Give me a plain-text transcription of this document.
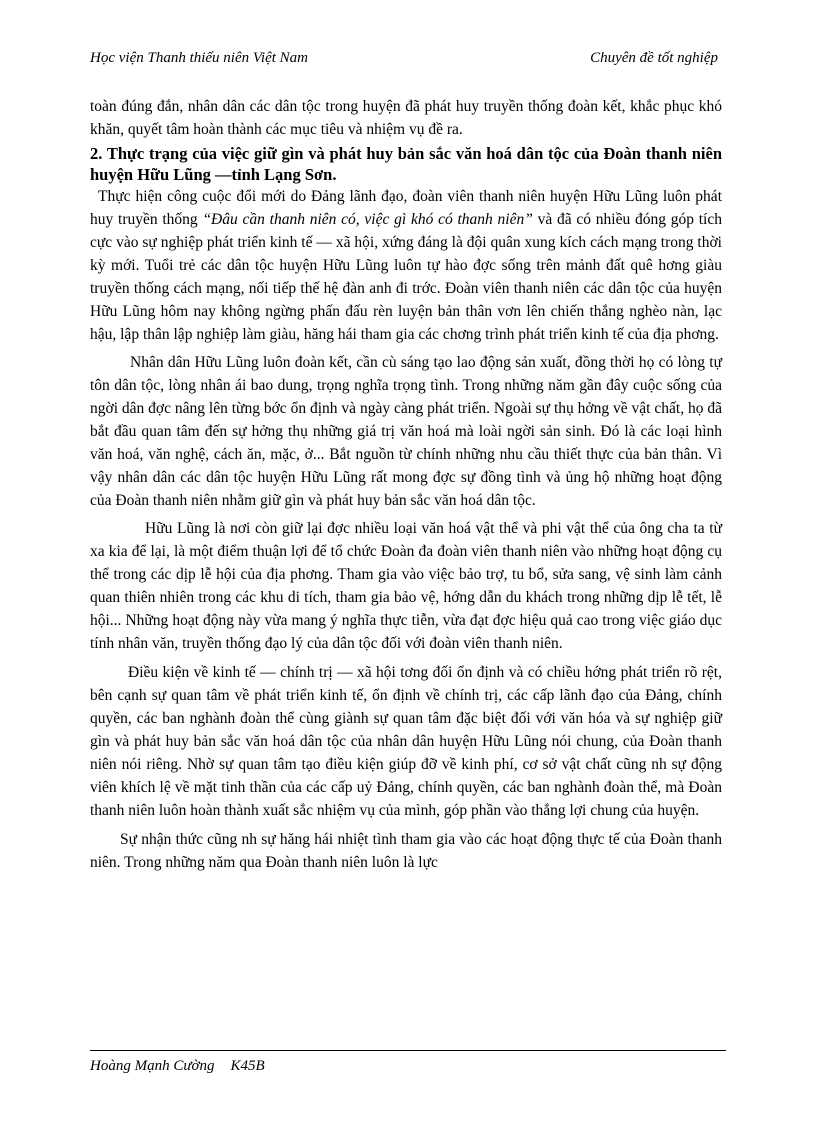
Học viện Thanh thiếu niên Việt Nam	Chuyên đề tốt nghiệp

toàn đúng đắn, nhân dân các dân tộc trong huyện đã phát huy truyền thống đoàn kết, khắc phục khó khăn, quyết tâm hoàn thành các mục tiêu và nhiệm vụ đề ra.

2. Thực trạng của việc giữ gìn và phát huy bản sắc văn hoá dân tộc của Đoàn thanh niên huyện Hữu Lũng —tỉnh Lạng Sơn.

Thực hiện công cuộc đổi mới do Đảng lãnh đạo, đoàn viên thanh niên huyện Hữu Lũng luôn phát huy truyền thống “Đâu cần thanh niên có, việc gì khó có thanh niên” và đã có nhiều đóng góp tích cực vào sự nghiệp phát triển kinh tế — xã hội, xứng đáng là đội quân xung kích cách mạng trong thời kỳ mới. Tuổi trẻ các dân tộc huyện Hữu Lũng luôn tự hào đợc sống trên mảnh đất quê hơng giàu truyền thống cách mạng, nối tiếp thế hệ đàn anh đi trớc. Đoàn viên thanh niên các dân tộc của huyện Hữu Lũng hôm nay không ngừng phấn đấu rèn luyện bản thân vơn lên chiến thắng nghèo nàn, lạc hậu, lập thân lập nghiệp làm giàu, hăng hái tham gia các chơng trình phát triển kinh tế của địa phơng.

Nhân dân Hữu Lũng luôn đoàn kết, cần cù sáng tạo lao động sản xuất, đồng thời họ có lòng tự tôn dân tộc, lòng nhân ái bao dung, trọng nghĩa trọng tình. Trong những năm gần đây cuộc sống của ngời dân đợc nâng lên từng bớc ổn định và ngày càng phát triển. Ngoài sự thụ hởng về vật chất, họ đã bắt đầu quan tâm đến sự hởng thụ những giá trị văn hoá mà loài ngời sản sinh. Đó là các loại hình văn hoá, văn nghệ, cách ăn, mặc, ở... Bắt nguồn từ chính những nhu cầu thiết thực của bản thân. Vì vậy nhân dân các dân tộc huyện Hữu Lũng rất mong đợc sự đồng tình và ủng hộ những hoạt động của Đoàn thanh niên nhằm giữ gìn và phát huy bản sắc văn hoá dân tộc.

Hữu Lũng là nơi còn giữ lại đợc nhiều loại văn hoá vật thể và phi vật thể của ông cha ta từ xa kia để lại, là một điểm thuận lợi để tổ chức Đoàn đa đoàn viên thanh niên vào những hoạt động cụ thể trong các dịp lễ hội của địa phơng. Tham gia vào việc bảo trợ, tu bổ, sửa sang, vệ sinh làm cảnh quan thiên nhiên trong các khu di tích, tham gia bảo vệ, hớng dẫn du khách trong những dịp lễ tết, lễ hội... Những hoạt động này vừa mang ý nghĩa thực tiễn, vừa đạt đợc hiệu quả cao trong việc giáo dục tính nhân văn, truyền thống đạo lý của dân tộc đối với đoàn viên thanh niên.

Điều kiện về kinh tế — chính trị — xã hội tơng đối ổn định và có chiều hớng phát triển rõ rệt, bên cạnh sự quan tâm về phát triển kinh tế, ổn định về chính trị, các cấp lãnh đạo của Đảng, chính quyền, các ban nghành đoàn thể cùng giành sự quan tâm đặc biệt đối với văn hóa và sự nghiệp giữ gìn và phát huy bản sắc văn hoá dân tộc của nhân dân huyện Hữu Lũng nói chung, của Đoàn thanh niên nói riêng. Nhờ sự quan tâm tạo điều kiện giúp đỡ về kinh phí, cơ sở vật chất cũng nh sự động viên khích lệ về mặt tinh thần của các cấp uỷ Đảng, chính quyền, các ban nghành đoàn thể, mà Đoàn thanh niên luôn hoàn thành xuất sắc nhiệm vụ của mình, góp phần vào thắng lợi chung của huyện.

Sự nhận thức cũng nh sự hăng hái nhiệt tình tham gia vào các hoạt động thực tế của Đoàn thanh niên. Trong những năm qua Đoàn thanh niên luôn là lực

Hoàng Mạnh Cường K45B
